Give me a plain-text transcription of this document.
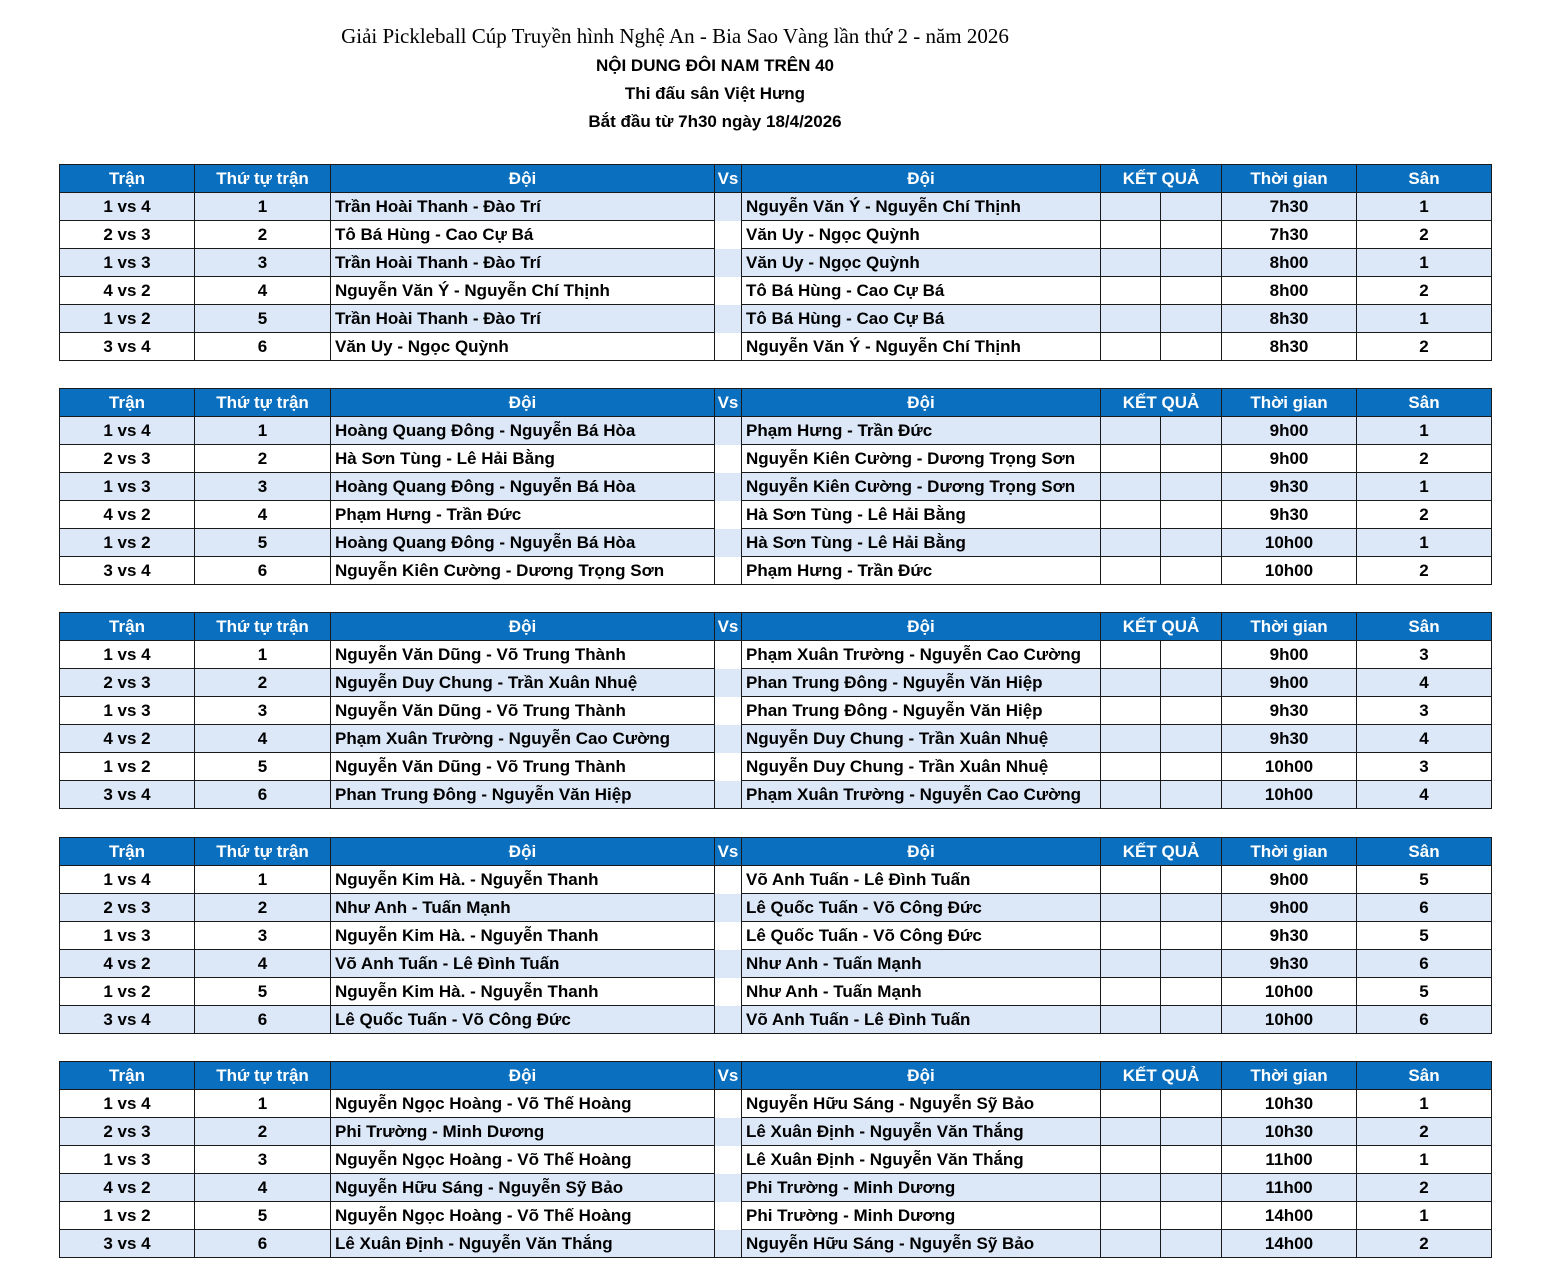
Giải Pickleball Cúp Truyền hình Nghệ An - Bia Sao Vàng lần thứ 2 - năm 2026
NỘI DUNG ĐÔI NAM TRÊN 40
Thi đấu sân Việt Hưng
Bắt đầu từ 7h30 ngày 18/4/2026
Trận	Thứ tự trận	Đội	Vs	Đội	KẾT QUẢ		Thời gian	Sân
1 vs 4	1	Trần Hoài Thanh - Đào Trí		Nguyễn Văn Ý - Nguyễn Chí Thịnh			7h30	1
2 vs 3	2	Tô Bá Hùng - Cao Cự Bá		Văn Uy - Ngọc Quỳnh			7h30	2
1 vs 3	3	Trần Hoài Thanh - Đào Trí		Văn Uy - Ngọc Quỳnh			8h00	1
4 vs 2	4	Nguyễn Văn Ý - Nguyễn Chí Thịnh		Tô Bá Hùng - Cao Cự Bá			8h00	2
1 vs 2	5	Trần Hoài Thanh - Đào Trí		Tô Bá Hùng - Cao Cự Bá			8h30	1
3 vs 4	6	Văn Uy - Ngọc Quỳnh		Nguyễn Văn Ý - Nguyễn Chí Thịnh			8h30	2
Trận	Thứ tự trận	Đội	Vs	Đội	KẾT QUẢ		Thời gian	Sân
1 vs 4	1	Hoàng Quang Đông - Nguyễn Bá Hòa		Phạm Hưng - Trần Đức			9h00	1
2 vs 3	2	Hà Sơn Tùng - Lê Hải Bằng		Nguyễn Kiên Cường - Dương Trọng Sơn			9h00	2
1 vs 3	3	Hoàng Quang Đông - Nguyễn Bá Hòa		Nguyễn Kiên Cường - Dương Trọng Sơn			9h30	1
4 vs 2	4	Phạm Hưng - Trần Đức		Hà Sơn Tùng - Lê Hải Bằng			9h30	2
1 vs 2	5	Hoàng Quang Đông - Nguyễn Bá Hòa		Hà Sơn Tùng - Lê Hải Bằng			10h00	1
3 vs 4	6	Nguyễn Kiên Cường - Dương Trọng Sơn		Phạm Hưng - Trần Đức			10h00	2
Trận	Thứ tự trận	Đội	Vs	Đội	KẾT QUẢ		Thời gian	Sân
1 vs 4	1	Nguyễn Văn Dũng - Võ Trung Thành		Phạm Xuân Trường - Nguyễn Cao Cường			9h00	3
2 vs 3	2	Nguyễn Duy Chung - Trần Xuân Nhuệ		Phan Trung Đông - Nguyễn Văn Hiệp			9h00	4
1 vs 3	3	Nguyễn Văn Dũng - Võ Trung Thành		Phan Trung Đông - Nguyễn Văn Hiệp			9h30	3
4 vs 2	4	Phạm Xuân Trường - Nguyễn Cao Cường		Nguyễn Duy Chung - Trần Xuân Nhuệ			9h30	4
1 vs 2	5	Nguyễn Văn Dũng - Võ Trung Thành		Nguyễn Duy Chung - Trần Xuân Nhuệ			10h00	3
3 vs 4	6	Phan Trung Đông - Nguyễn Văn Hiệp		Phạm Xuân Trường - Nguyễn Cao Cường			10h00	4
Trận	Thứ tự trận	Đội	Vs	Đội	KẾT QUẢ		Thời gian	Sân
1 vs 4	1	Nguyễn Kim Hà. - Nguyễn Thanh		Võ Anh Tuấn - Lê Đình Tuấn			9h00	5
2 vs 3	2	Như Anh - Tuấn Mạnh		Lê Quốc Tuấn - Võ Công Đức			9h00	6
1 vs 3	3	Nguyễn Kim Hà. - Nguyễn Thanh		Lê Quốc Tuấn - Võ Công Đức			9h30	5
4 vs 2	4	Võ Anh Tuấn - Lê Đình Tuấn		Như Anh - Tuấn Mạnh			9h30	6
1 vs 2	5	Nguyễn Kim Hà. - Nguyễn Thanh		Như Anh - Tuấn Mạnh			10h00	5
3 vs 4	6	Lê Quốc Tuấn - Võ Công Đức		Võ Anh Tuấn - Lê Đình Tuấn			10h00	6
Trận	Thứ tự trận	Đội	Vs	Đội	KẾT QUẢ		Thời gian	Sân
1 vs 4	1	Nguyễn Ngọc Hoàng - Võ Thế Hoàng		Nguyễn Hữu Sáng - Nguyễn Sỹ Bảo			10h30	1
2 vs 3	2	Phi Trường - Minh Dương		Lê Xuân Định - Nguyễn Văn Thắng			10h30	2
1 vs 3	3	Nguyễn Ngọc Hoàng - Võ Thế Hoàng		Lê Xuân Định - Nguyễn Văn Thắng			11h00	1
4 vs 2	4	Nguyễn Hữu Sáng - Nguyễn Sỹ Bảo		Phi Trường - Minh Dương			11h00	2
1 vs 2	5	Nguyễn Ngọc Hoàng - Võ Thế Hoàng		Phi Trường - Minh Dương			14h00	1
3 vs 4	6	Lê Xuân Định - Nguyễn Văn Thắng		Nguyễn Hữu Sáng - Nguyễn Sỹ Bảo			14h00	2
